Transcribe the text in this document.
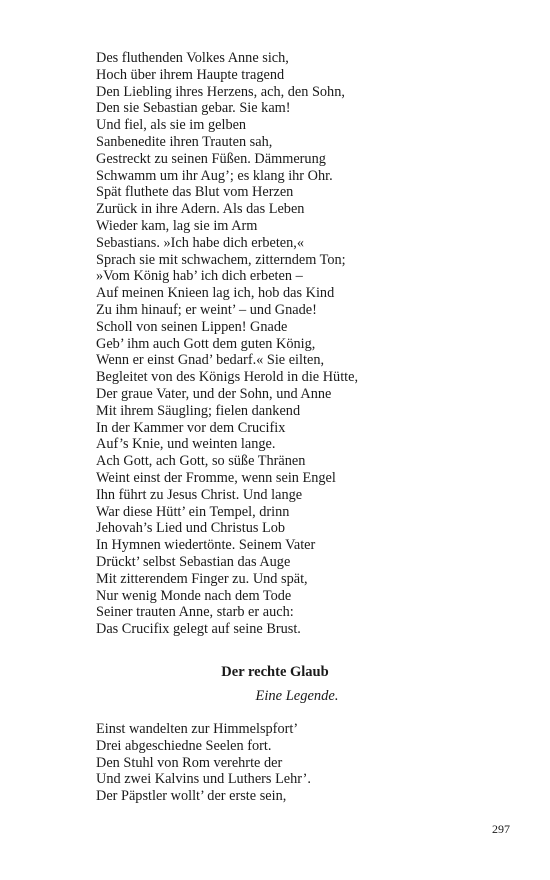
Des fluthenden Volkes Anne sich,
Hoch über ihrem Haupte tragend
Den Liebling ihres Herzens, ach, den Sohn,
Den sie Sebastian gebar. Sie kam!
Und fiel, als sie im gelben
Sanbenedite ihren Trauten sah,
Gestreckt zu seinen Füßen. Dämmerung
Schwamm um ihr Aug’; es klang ihr Ohr.
Spät fluthete das Blut vom Herzen
Zurück in ihre Adern. Als das Leben
Wieder kam, lag sie im Arm
Sebastians. »Ich habe dich erbeten,«
Sprach sie mit schwachem, zitterndem Ton;
»Vom König hab’ ich dich erbeten –
Auf meinen Knieen lag ich, hob das Kind
Zu ihm hinauf; er weint’ – und Gnade!
Scholl von seinen Lippen! Gnade
Geb’ ihm auch Gott dem guten König,
Wenn er einst Gnad’ bedarf.« Sie eilten,
Begleitet von des Königs Herold in die Hütte,
Der graue Vater, und der Sohn, und Anne
Mit ihrem Säugling; fielen dankend
In der Kammer vor dem Crucifix
Auf’s Knie, und weinten lange.
Ach Gott, ach Gott, so süße Thränen
Weint einst der Fromme, wenn sein Engel
Ihn führt zu Jesus Christ. Und lange
War diese Hütt’ ein Tempel, drinn
Jehovah’s Lied und Christus Lob
In Hymnen wiedertönte. Seinem Vater
Drückt’ selbst Sebastian das Auge
Mit zitterendem Finger zu. Und spät,
Nur wenig Monde nach dem Tode
Seiner trauten Anne, starb er auch:
Das Crucifix gelegt auf seine Brust.
Der rechte Glaub
Eine Legende.
Einst wandelten zur Himmelspfort’
Drei abgeschiedne Seelen fort.
Den Stuhl von Rom verehrte der
Und zwei Kalvins und Luthers Lehr’.
Der Päpstler wollt’ der erste sein,
297
